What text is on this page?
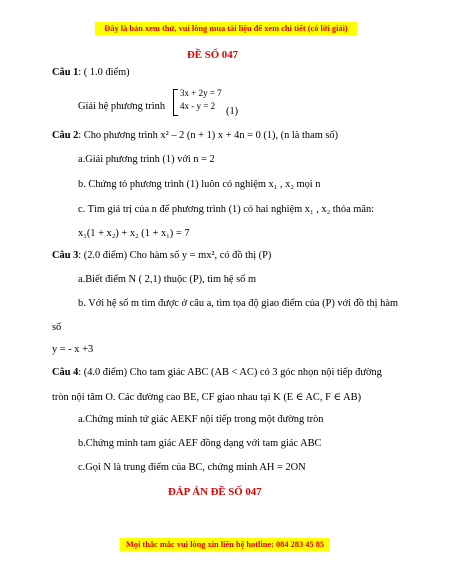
Đây là bản xem thử, vui lòng mua tài liệu để xem chi tiết (có lời giải)
ĐỀ SỐ 047
Câu 1: ( 1.0 điểm)
Giải hệ phương trình
3x + 2y = 7
4x - y = 2 (1)
Câu 2: Cho phương trình x² – 2 (n + 1) x + 4n = 0 (1), (n là tham số)
a.Giải phương trình (1) với n = 2
b. Chứng tỏ phương trình (1) luôn có nghiệm x₁ , x₂ mọi n
c. Tìm giá trị của n để phương trình (1) có hai nghiệm x₁ , x₂ thỏa mãn:
x₁(1 + x₂) + x₂ (1 + x₁) = 7
Câu 3: (2.0 điểm) Cho hàm số y = mx², có đồ thị (P)
a.Biết điểm N ( 2,1) thuộc (P), tìm hệ số m
b. Với hệ số m tìm được ở câu a, tìm tọa độ giao điểm của (P) với đồ thị hàm
số
y = - x +3
Câu 4: (4.0 điểm) Cho tam giác ABC (AB < AC) có 3 góc nhọn nội tiếp đường
tròn nội tâm O. Các đường cao BE, CF giao nhau tại K (E ∈ AC, F ∈ AB)
a.Chứng minh tứ giác AEKF nội tiếp trong một đường tròn
b.Chứng minh tam giác AEF đồng dạng với tam giác ABC
c.Gọi N là trung điểm của BC, chứng minh AH = 2ON
ĐÁP ÁN ĐỀ SỐ 047
Mọi thắc mắc vui lòng xin liên hệ hotline: 084 283 45 85
